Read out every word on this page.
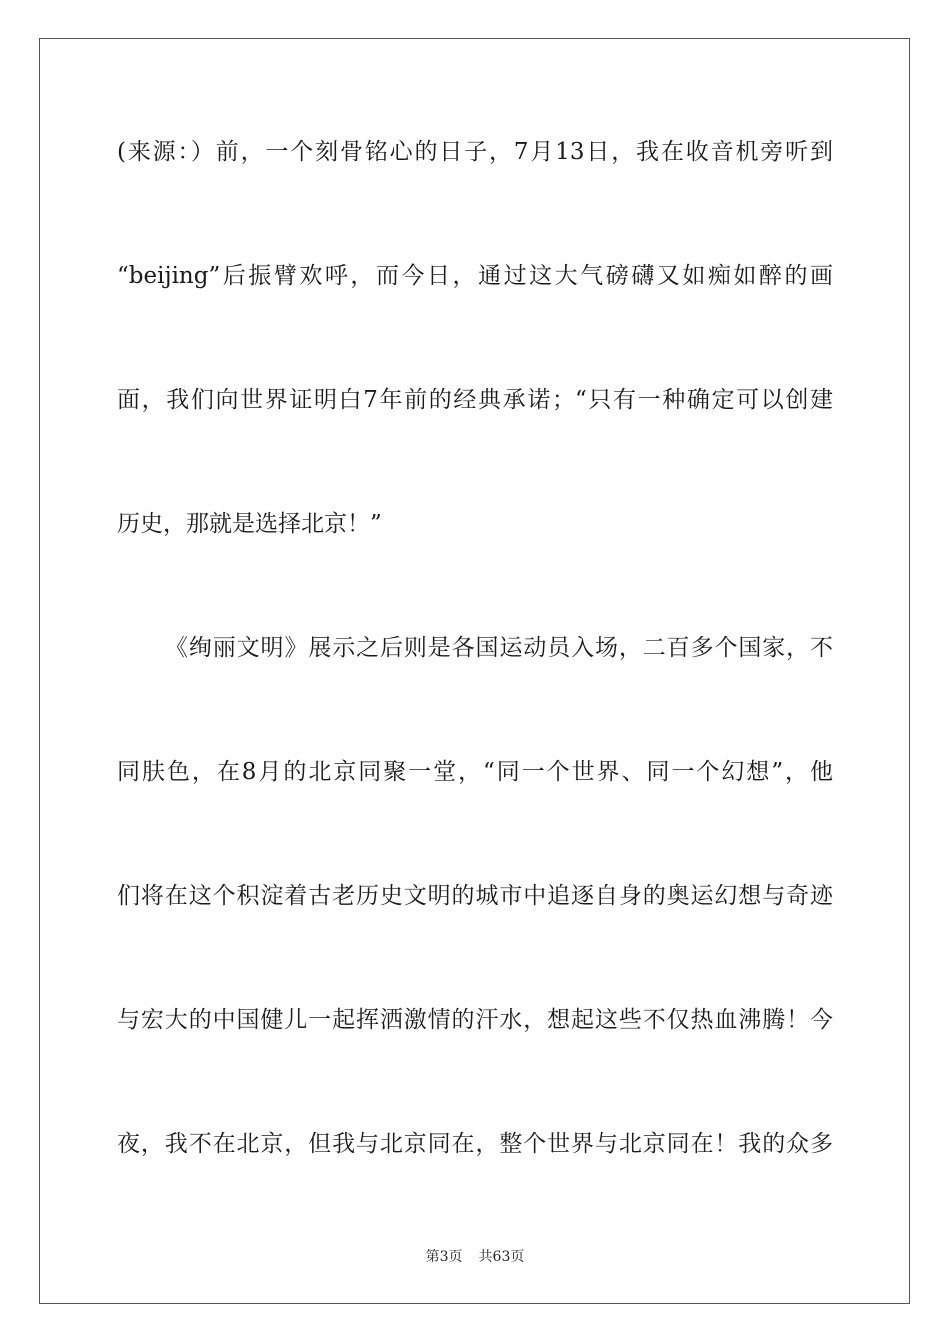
(来源：）前，一个刻骨铭心的日子，7月13日，我在收音机旁听到
“beijing”后振臂欢呼，而今日，通过这大气磅礴又如痴如醉的画
面，我们向世界证明白7年前的经典承诺；“只有一种确定可以创建
历史，那就是选择北京！”
《绚丽文明》展示之后则是各国运动员入场，二百多个国家，不
同肤色，在8月的北京同聚一堂，“同一个世界、同一个幻想”，他
们将在这个积淀着古老历史文明的城市中追逐自身的奥运幻想与奇迹
与宏大的中国健儿一起挥洒激情的汗水，想起这些不仅热血沸腾！今
夜，我不在北京，但我与北京同在，整个世界与北京同在！我的众多
第3页 共63页
